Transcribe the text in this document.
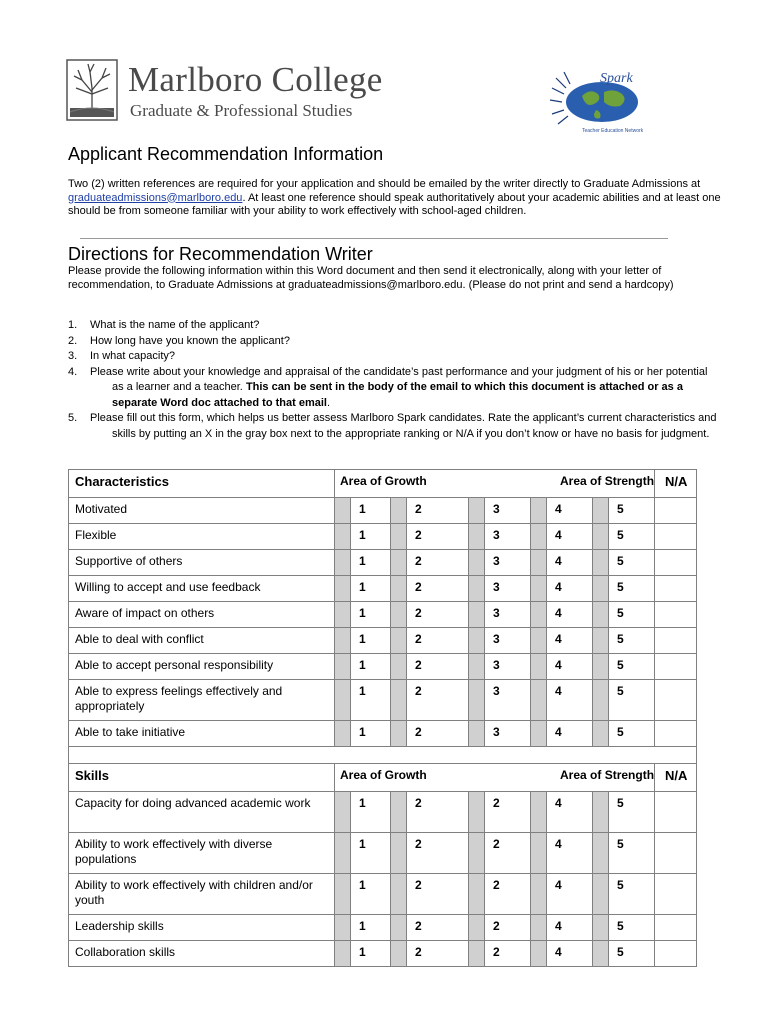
Marlboro College
Graduate & Professional Studies
Spark
Teacher Education Network
Applicant Recommendation Information

Two (2) written references are required for your application and should be emailed by the writer directly to Graduate Admissions at graduateadmissions@marlboro.edu. At least one reference should speak authoritatively about your academic abilities and at least one should be from someone familiar with your ability to work effectively with school-aged children.

Directions for Recommendation Writer

Please provide the following information within this Word document and then send it electronically, along with your letter of recommendation, to Graduate Admissions at graduateadmissions@marlboro.edu. (Please do not print and send a hardcopy)

1. What is the name of the applicant?
2. How long have you known the applicant?
3. In what capacity?
4. Please write about your knowledge and appraisal of the candidate’s past performance and your judgment of his or her potential as a learner and a teacher. This can be sent in the body of the email to which this document is attached or as a separate Word doc attached to that email.
5. Please fill out this form, which helps us better assess Marlboro Spark candidates. Rate the applicant’s current characteristics and skills by putting an X in the gray box next to the appropriate ranking or N/A if you don’t know or have no basis for judgment.
Characteristics	Area of Growth						Area of Strength				N/A
Motivated		1		2		3		4		5	
Flexible		1		2		3		4		5	
Supportive of others		1		2		3		4		5	
Willing to accept and use feedback		1		2		3		4		5	
Aware of impact on others		1		2		3		4		5	
Able to deal with conflict		1		2		3		4		5	
Able to accept personal responsibility		1		2		3		4		5	
Able to express feelings effectively and appropriately		1		2		3		4		5	
Able to take initiative		1		2		3		4		5	

Skills	Area of Growth						Area of Strength				N/A
Capacity for doing advanced academic work		1		2		2		4		5	
Ability to work effectively with diverse populations		1		2		2		4		5	
Ability to work effectively with children and/or youth		1		2		2		4		5	
Leadership skills		1		2		2		4		5	
Collaboration skills		1		2		2		4		5	
